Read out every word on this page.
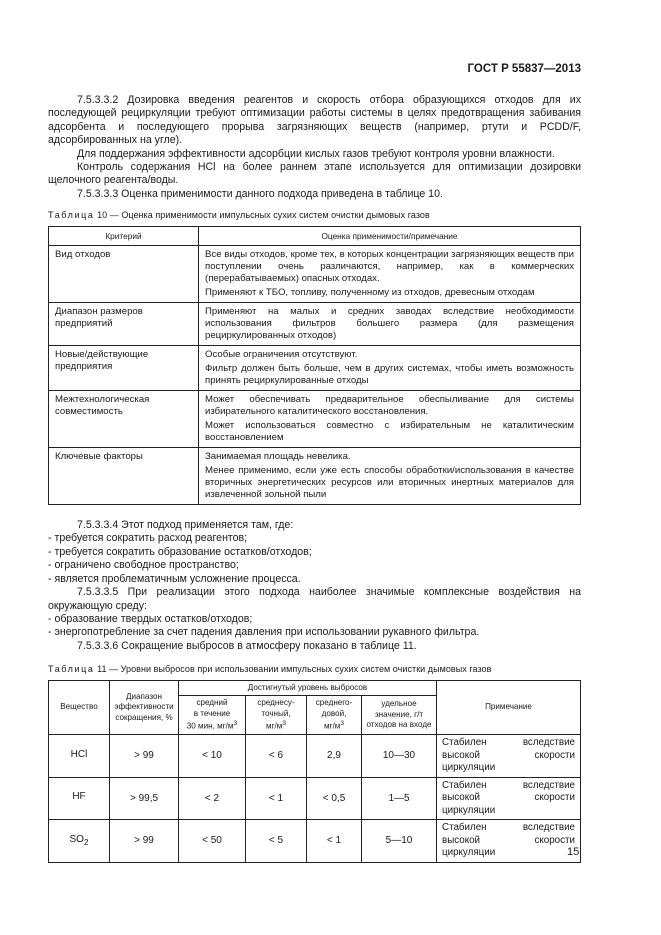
ГОСТ Р 55837—2013

7.5.3.3.2 Дозировка введения реагентов и скорость отбора образующихся отходов для их последующей рециркуляции требуют оптимизации работы системы в целях предотвращения забивания адсорбента и последующего прорыва загрязняющих веществ (например, ртути и PCDD/F, адсорбированных на угле).

Для поддержания эффективности адсорбции кислых газов требуют контроля уровни влажности.

Контроль содержания HCl на более раннем этапе используется для оптимизации дозировки щелочного реагента/воды.

7.5.3.3.3 Оценка применимости данного подхода приведена в таблице 10.

Таблица 10 — Оценка применимости импульсных сухих систем очистки дымовых газов

Критерий	Оценка применимости/примечание
Вид отходов	Все виды отходов, кроме тех, в которых концентрации загрязняющих веществ при поступлении очень различаются, например, как в коммерческих (перерабатываемых) опасных отходах.

Применяют к ТБО, топливу, полученному из отходов, древесным отходам

Диапазон размеров предприятий	Применяют на малых и средних заводах вследствие необходимости использования фильтров большего размера (для размещения рециркулированных отходов)

Новые/действующие предприятия	Особые ограничения отсутствуют.

Фильтр должен быть больше, чем в других системах, чтобы иметь возможность принять рециркулированные отходы

Межтехнологическая совместимость	Может обеспечивать предварительное обеспыливание для системы избирательного каталитического восстановления.

Может использоваться совместно с избирательным не каталитическим восстановлением

Ключевые факторы	Занимаемая площадь невелика.

Менее применимо, если уже есть способы обработки/использования в качестве вторичных энергетических ресурсов или вторичных инертных материалов для извлеченной зольной пыли

7.5.3.3.4 Этот подход применяется там, где:

- требуется сократить расход реагентов;

- требуется сократить образование остатков/отходов;

- ограничено свободное пространство;

- является проблематичным усложнение процесса.

7.5.3.3.5 При реализации этого подхода наиболее значимые комплексные воздействия на окружающую среду:

- образование твердых остатков/отходов;

- энергопотребление за счет падения давления при использовании рукавного фильтра.

7.5.3.3.6 Сокращение выбросов в атмосферу показано в таблице 11.

Таблица 11 — Уровни выбросов при использовании импульсных сухих систем очистки дымовых газов

Вещество	Диапазон эффективности сокращения, %	Достигнутый уровень выбросов				Примечание
		средний
в течение
30 мин, $мг/м^3$	среднесу-
точный,
$мг/м^3$	среднего-
довой,
$мг/м^3$	удельное значение, г/т отходов на входе	
HCl	> 99	< 10	< 6	2,9	10—30	Стабилен вследствие высокой скорости циркуляции
HF	> 99,5	< 2	< 1	< 0,5	1—5	Стабилен вследствие высокой скорости циркуляции
$SO_2$	> 99	< 50	< 5	< 1	5—10	Стабилен вследствие высокой скорости циркуляции	15
